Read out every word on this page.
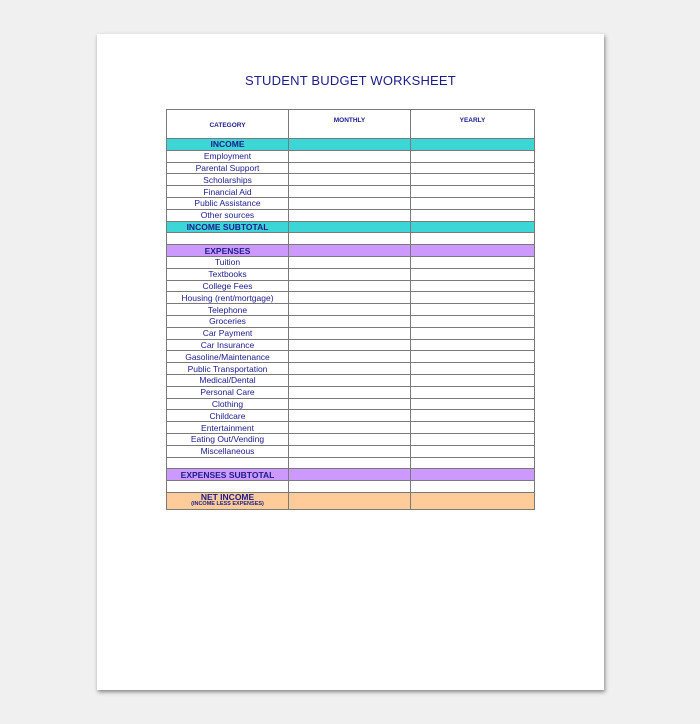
STUDENT BUDGET WORKSHEET
CATEGORY	MONTHLY	YEARLY
INCOME		
Employment		
Parental Support		
Scholarships		
Financial Aid		
Public Assistance		
Other sources		
INCOME SUBTOTAL		

EXPENSES		
Tuition		
Textbooks		
College Fees		
Housing (rent/mortgage)		
Telephone		
Groceries		
Car Payment		
Car Insurance		
Gasoline/Maintenance		
Public Transportation		
Medical/Dental		
Personal Care		
Clothing		
Childcare		
Entertainment		
Eating Out/Vending		
Miscellaneous		

EXPENSES SUBTOTAL		

NET INCOME
(INCOME LESS EXPENSES)		
